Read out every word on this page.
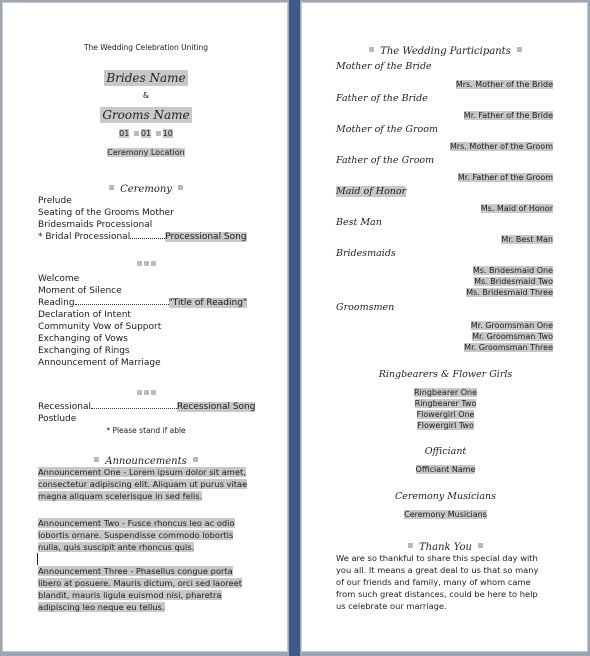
The Wedding Celebration Uniting
Brides Name
&
Grooms Name
01 01 10
Ceremony Location
Ceremony
Prelude
Seating of the Grooms Mother
Bridesmaids Processional
* Bridal Processional	Processional Song
Welcome
Moment of Silence
Reading	"Title of Reading"
Declaration of Intent
Community Vow of Support
Exchanging of Vows
Exchanging of Rings
Announcement of Marriage
Recessional	Recessional Song
Postlude
* Please stand if able
Announcements
Announcement One - Lorem ipsum dolor sit amet,
consectetur adipiscing elit. Aliquam ut purus vitae
magna aliquam scelerisque in sed felis.
Announcement Two - Fusce rhoncus leo ac odio
lobortis ornare. Suspendisse commodo lobortis
nulla, quis suscipit ante rhoncus quis.
Announcement Three - Phasellus congue porta
libero at posuere. Mauris dictum, orci sed laoreet
blandit, mauris ligula euismod nisi, pharetra
adipiscing leo neque eu tellus.
The Wedding Participants
Mother of the Bride
Mrs. Mother of the Bride
Father of the Bride
Mr. Father of the Bride
Mother of the Groom
Mrs. Mother of the Groom
Father of the Groom
Mr. Father of the Groom
Maid of Honor
Ms. Maid of Honor
Best Man
Mr. Best Man
Bridesmaids
Ms. Bridesmaid One
Ms. Bridesmaid Two
Ms. Bridesmaid Three
Groomsmen
Mr. Groomsman One
Mr. Groomsman Two
Mr. Groomsman Three
Ringbearers & Flower Girls
Ringbearer One
Ringbearer Two
Flowergirl One
Flowergirl Two
Officiant
Officiant Name
Ceremony Musicians
Ceremony Musicians
Thank You
We are so thankful to share this special day with
you all. It means a great deal to us that so many
of our friends and family, many of whom came
from such great distances, could be here to help
us celebrate our marriage.
